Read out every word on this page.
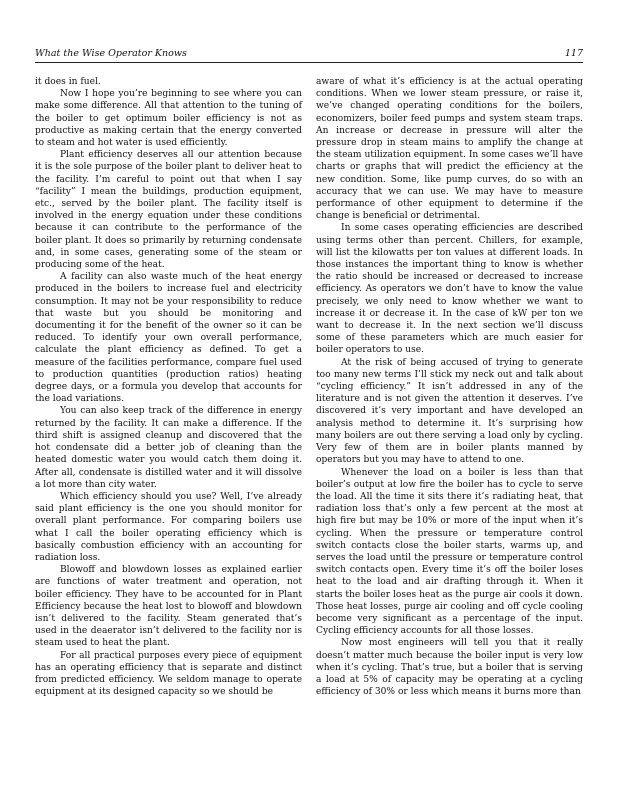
What the Wise Operator Knows	117

it does in fuel.

Now I hope you’re beginning to see where you can make some difference. All that attention to the tuning of the boiler to get optimum boiler efficiency is not as productive as making certain that the energy converted to steam and hot water is used efficiently.

Plant efficiency deserves all our attention because it is the sole purpose of the boiler plant to deliver heat to the facility. I’m careful to point out that when I say “facility” I mean the buildings, production equipment, etc., served by the boiler plant. The facility itself is involved in the energy equation under these conditions because it can contribute to the performance of the boiler plant. It does so primarily by returning condensate and, in some cases, generating some of the steam or producing some of the heat.

A facility can also waste much of the heat energy produced in the boilers to increase fuel and electricity consumption. It may not be your responsibility to reduce that waste but you should be monitoring and documenting it for the benefit of the owner so it can be reduced. To identify your own overall performance, calculate the plant efficiency as defined. To get a measure of the facilities performance, compare fuel used to production quantities (production ratios) heating degree days, or a formula you develop that accounts for the load variations.

You can also keep track of the difference in energy returned by the facility. It can make a difference. If the third shift is assigned cleanup and discovered that the hot condensate did a better job of cleaning than the heated domestic water you would catch them doing it. After all, condensate is distilled water and it will dissolve a lot more than city water.

Which efficiency should you use? Well, I’ve already said plant efficiency is the one you should monitor for overall plant performance. For comparing boilers use what I call the boiler operating efficiency which is basically combustion efficiency with an accounting for radiation loss.

Blowoff and blowdown losses as explained earlier are functions of water treatment and operation, not boiler efficiency. They have to be accounted for in Plant Efficiency because the heat lost to blowoff and blowdown isn’t delivered to the facility. Steam generated that’s used in the deaerator isn’t delivered to the facility nor is steam used to heat the plant.

For all practical purposes every piece of equipment has an operating efficiency that is separate and distinct from predicted efficiency. We seldom manage to operate equipment at its designed capacity so we should be

aware of what it’s efficiency is at the actual operating conditions. When we lower steam pressure, or raise it, we’ve changed operating conditions for the boilers, economizers, boiler feed pumps and system steam traps. An increase or decrease in pressure will alter the pressure drop in steam mains to amplify the change at the steam utilization equipment. In some cases we’ll have charts or graphs that will predict the efficiency at the new condition. Some, like pump curves, do so with an accuracy that we can use. We may have to measure performance of other equipment to determine if the change is beneficial or detrimental.

In some cases operating efficiencies are described using terms other than percent. Chillers, for example, will list the kilowatts per ton values at different loads. In those instances the important thing to know is whether the ratio should be increased or decreased to increase efficiency. As operators we don’t have to know the value precisely, we only need to know whether we want to increase it or decrease it. In the case of kW per ton we want to decrease it. In the next section we’ll discuss some of these parameters which are much easier for boiler operators to use.

At the risk of being accused of trying to generate too many new terms I’ll stick my neck out and talk about “cycling efficiency.” It isn’t addressed in any of the literature and is not given the attention it deserves. I’ve discovered it’s very important and have developed an analysis method to determine it. It’s surprising how many boilers are out there serving a load only by cycling. Very few of them are in boiler plants manned by operators but you may have to attend to one.

Whenever the load on a boiler is less than that boiler’s output at low fire the boiler has to cycle to serve the load. All the time it sits there it’s radiating heat, that radiation loss that’s only a few percent at the most at high fire but may be 10% or more of the input when it’s cycling. When the pressure or temperature control switch contacts close the boiler starts, warms up, and serves the load until the pressure or temperature control switch contacts open. Every time it’s off the boiler loses heat to the load and air drafting through it. When it starts the boiler loses heat as the purge air cools it down. Those heat losses, purge air cooling and off cycle cooling become very significant as a percentage of the input. Cycling efficiency accounts for all those losses.

Now most engineers will tell you that it really doesn’t matter much because the boiler input is very low when it’s cycling. That’s true, but a boiler that is serving a load at 5% of capacity may be operating at a cycling efficiency of 30% or less which means it burns more than
